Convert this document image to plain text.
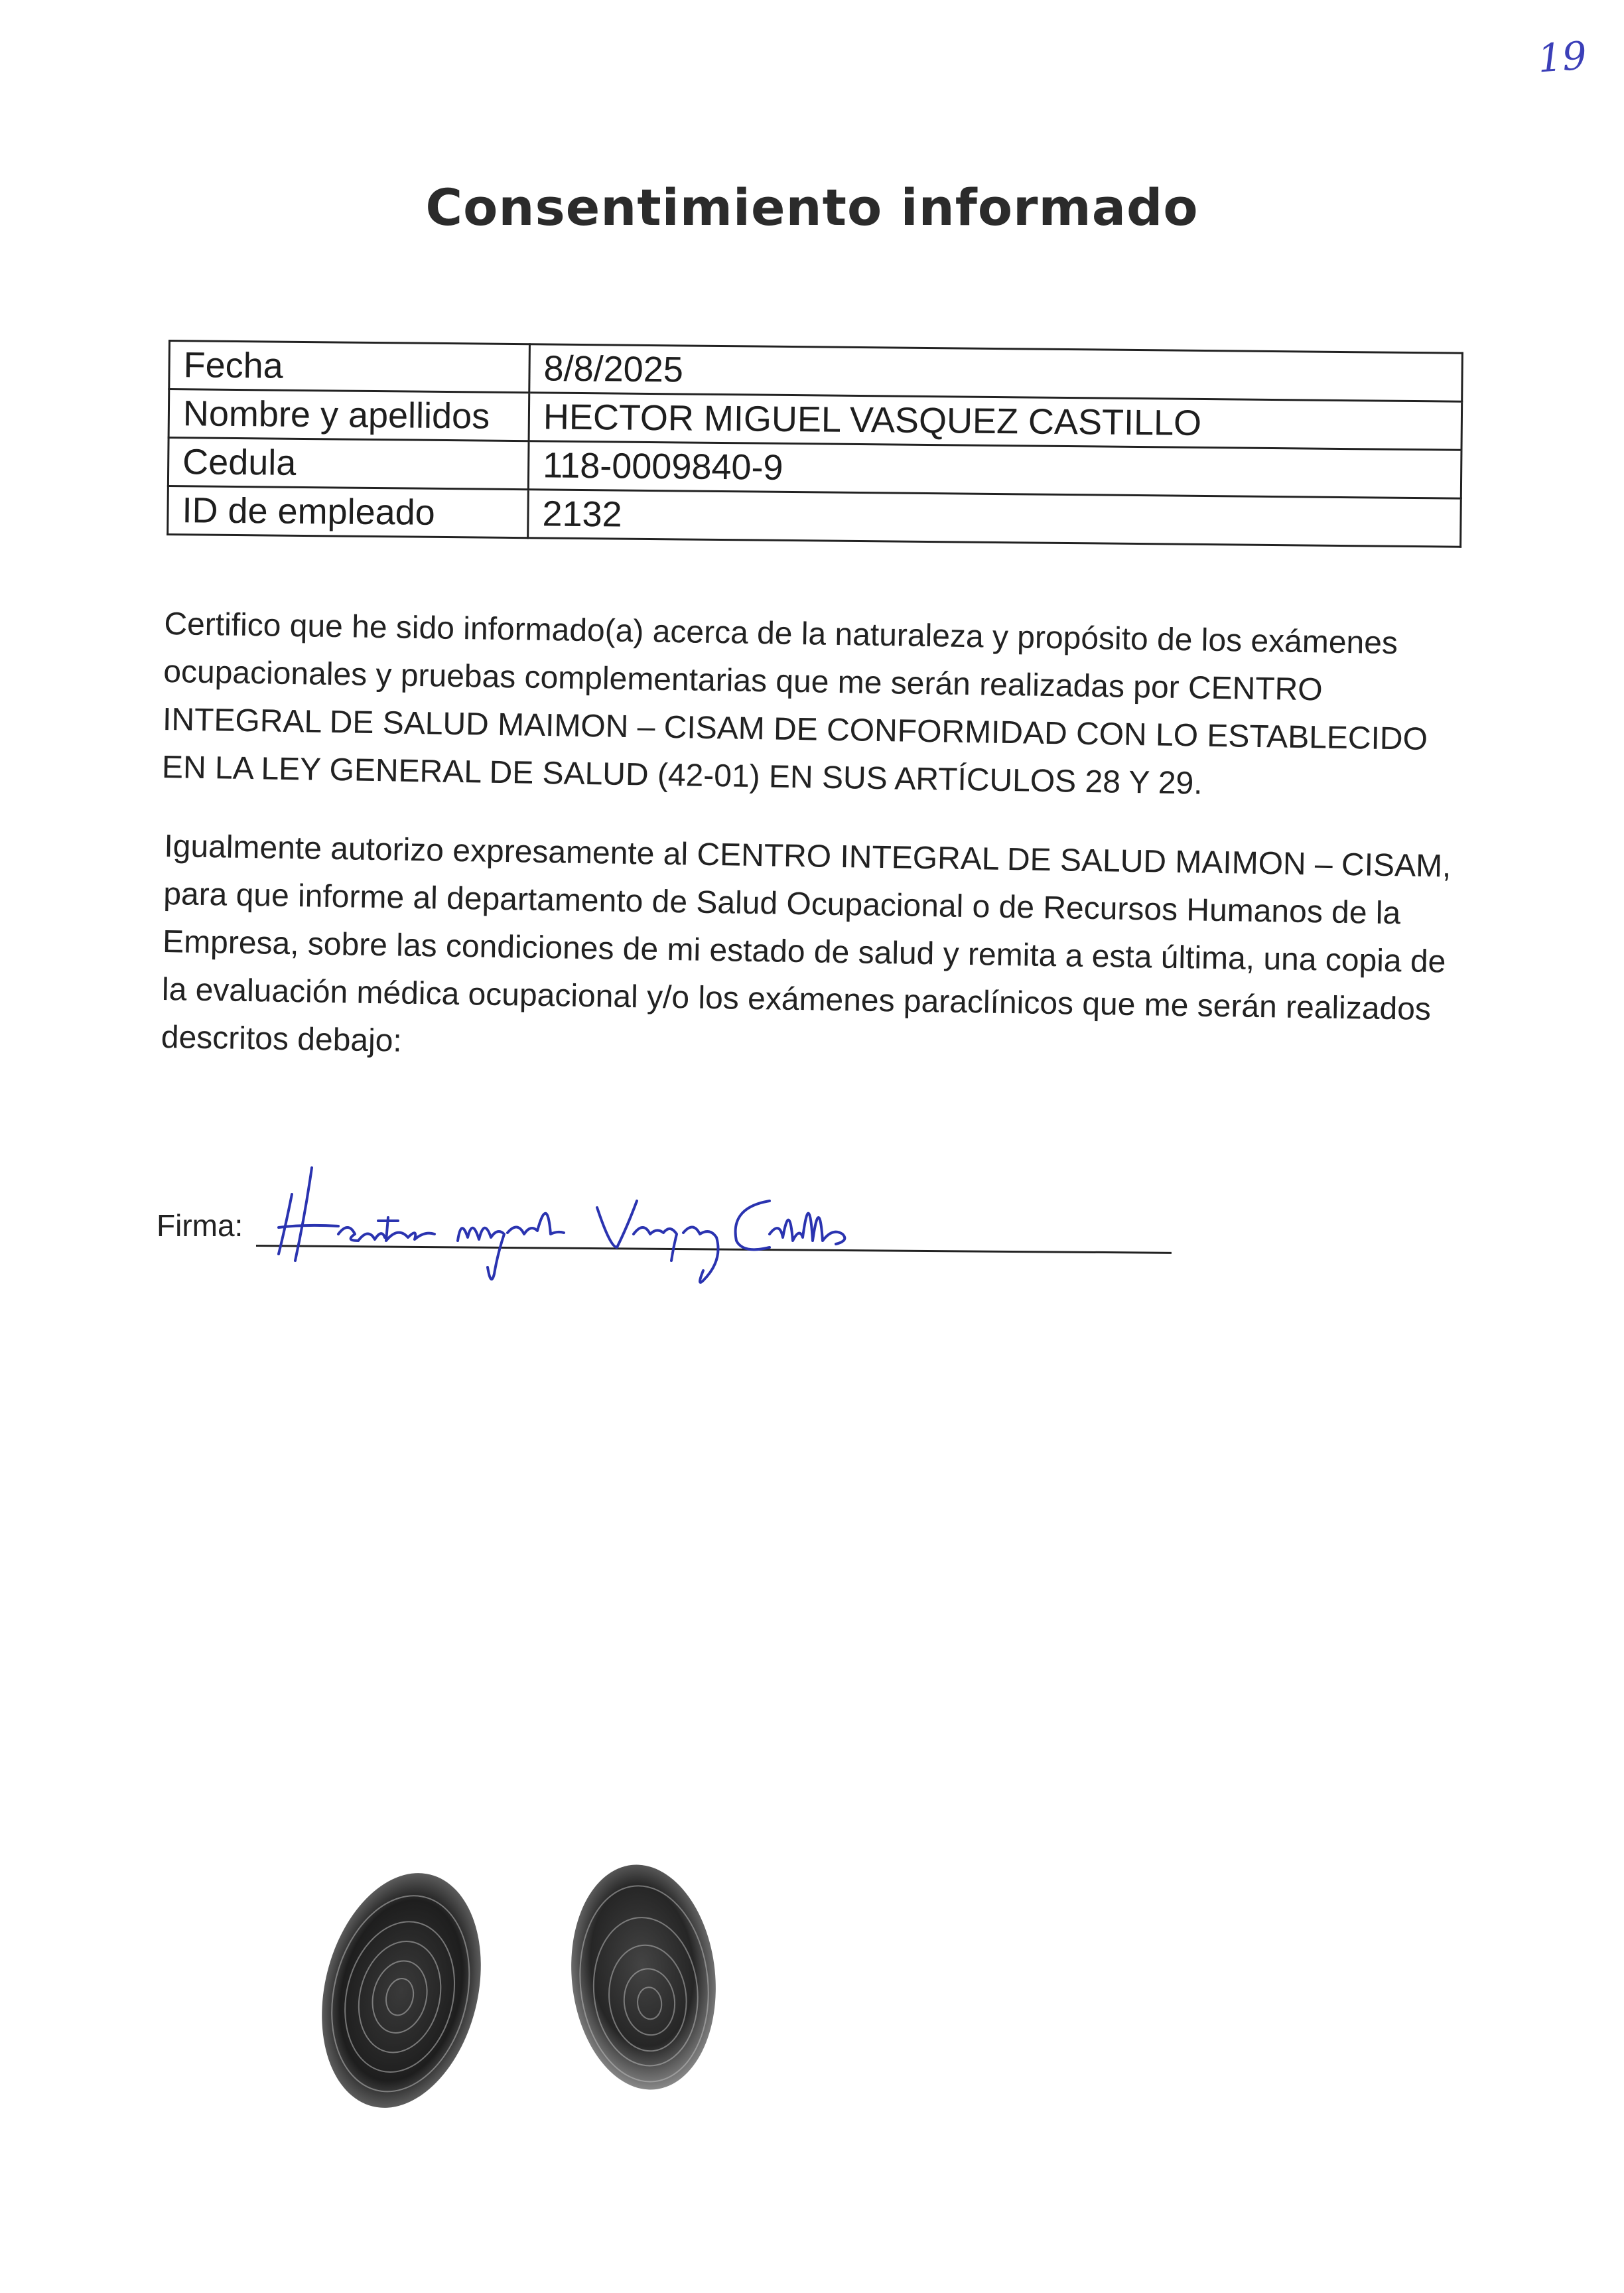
19
Consentimiento informado
Fecha	8/8/2025
Nombre y apellidos	HECTOR MIGUEL VASQUEZ CASTILLO
Cedula	118-0009840-9
ID de empleado	2132
Certifico que he sido informado(a) acerca de la naturaleza y propósito de los exámenes ocupacionales y pruebas complementarias que me serán realizadas por CENTRO INTEGRAL DE SALUD MAIMON – CISAM DE CONFORMIDAD CON LO ESTABLECIDO EN LA LEY GENERAL DE SALUD (42-01) EN SUS ARTÍCULOS 28 Y 29.
Igualmente autorizo expresamente al CENTRO INTEGRAL DE SALUD MAIMON – CISAM, para que informe al departamento de Salud Ocupacional o de Recursos Humanos de la Empresa, sobre las condiciones de mi estado de salud y remita a esta última, una copia de la evaluación médica ocupacional y/o los exámenes paraclínicos que me serán realizados descritos debajo:
Firma:
